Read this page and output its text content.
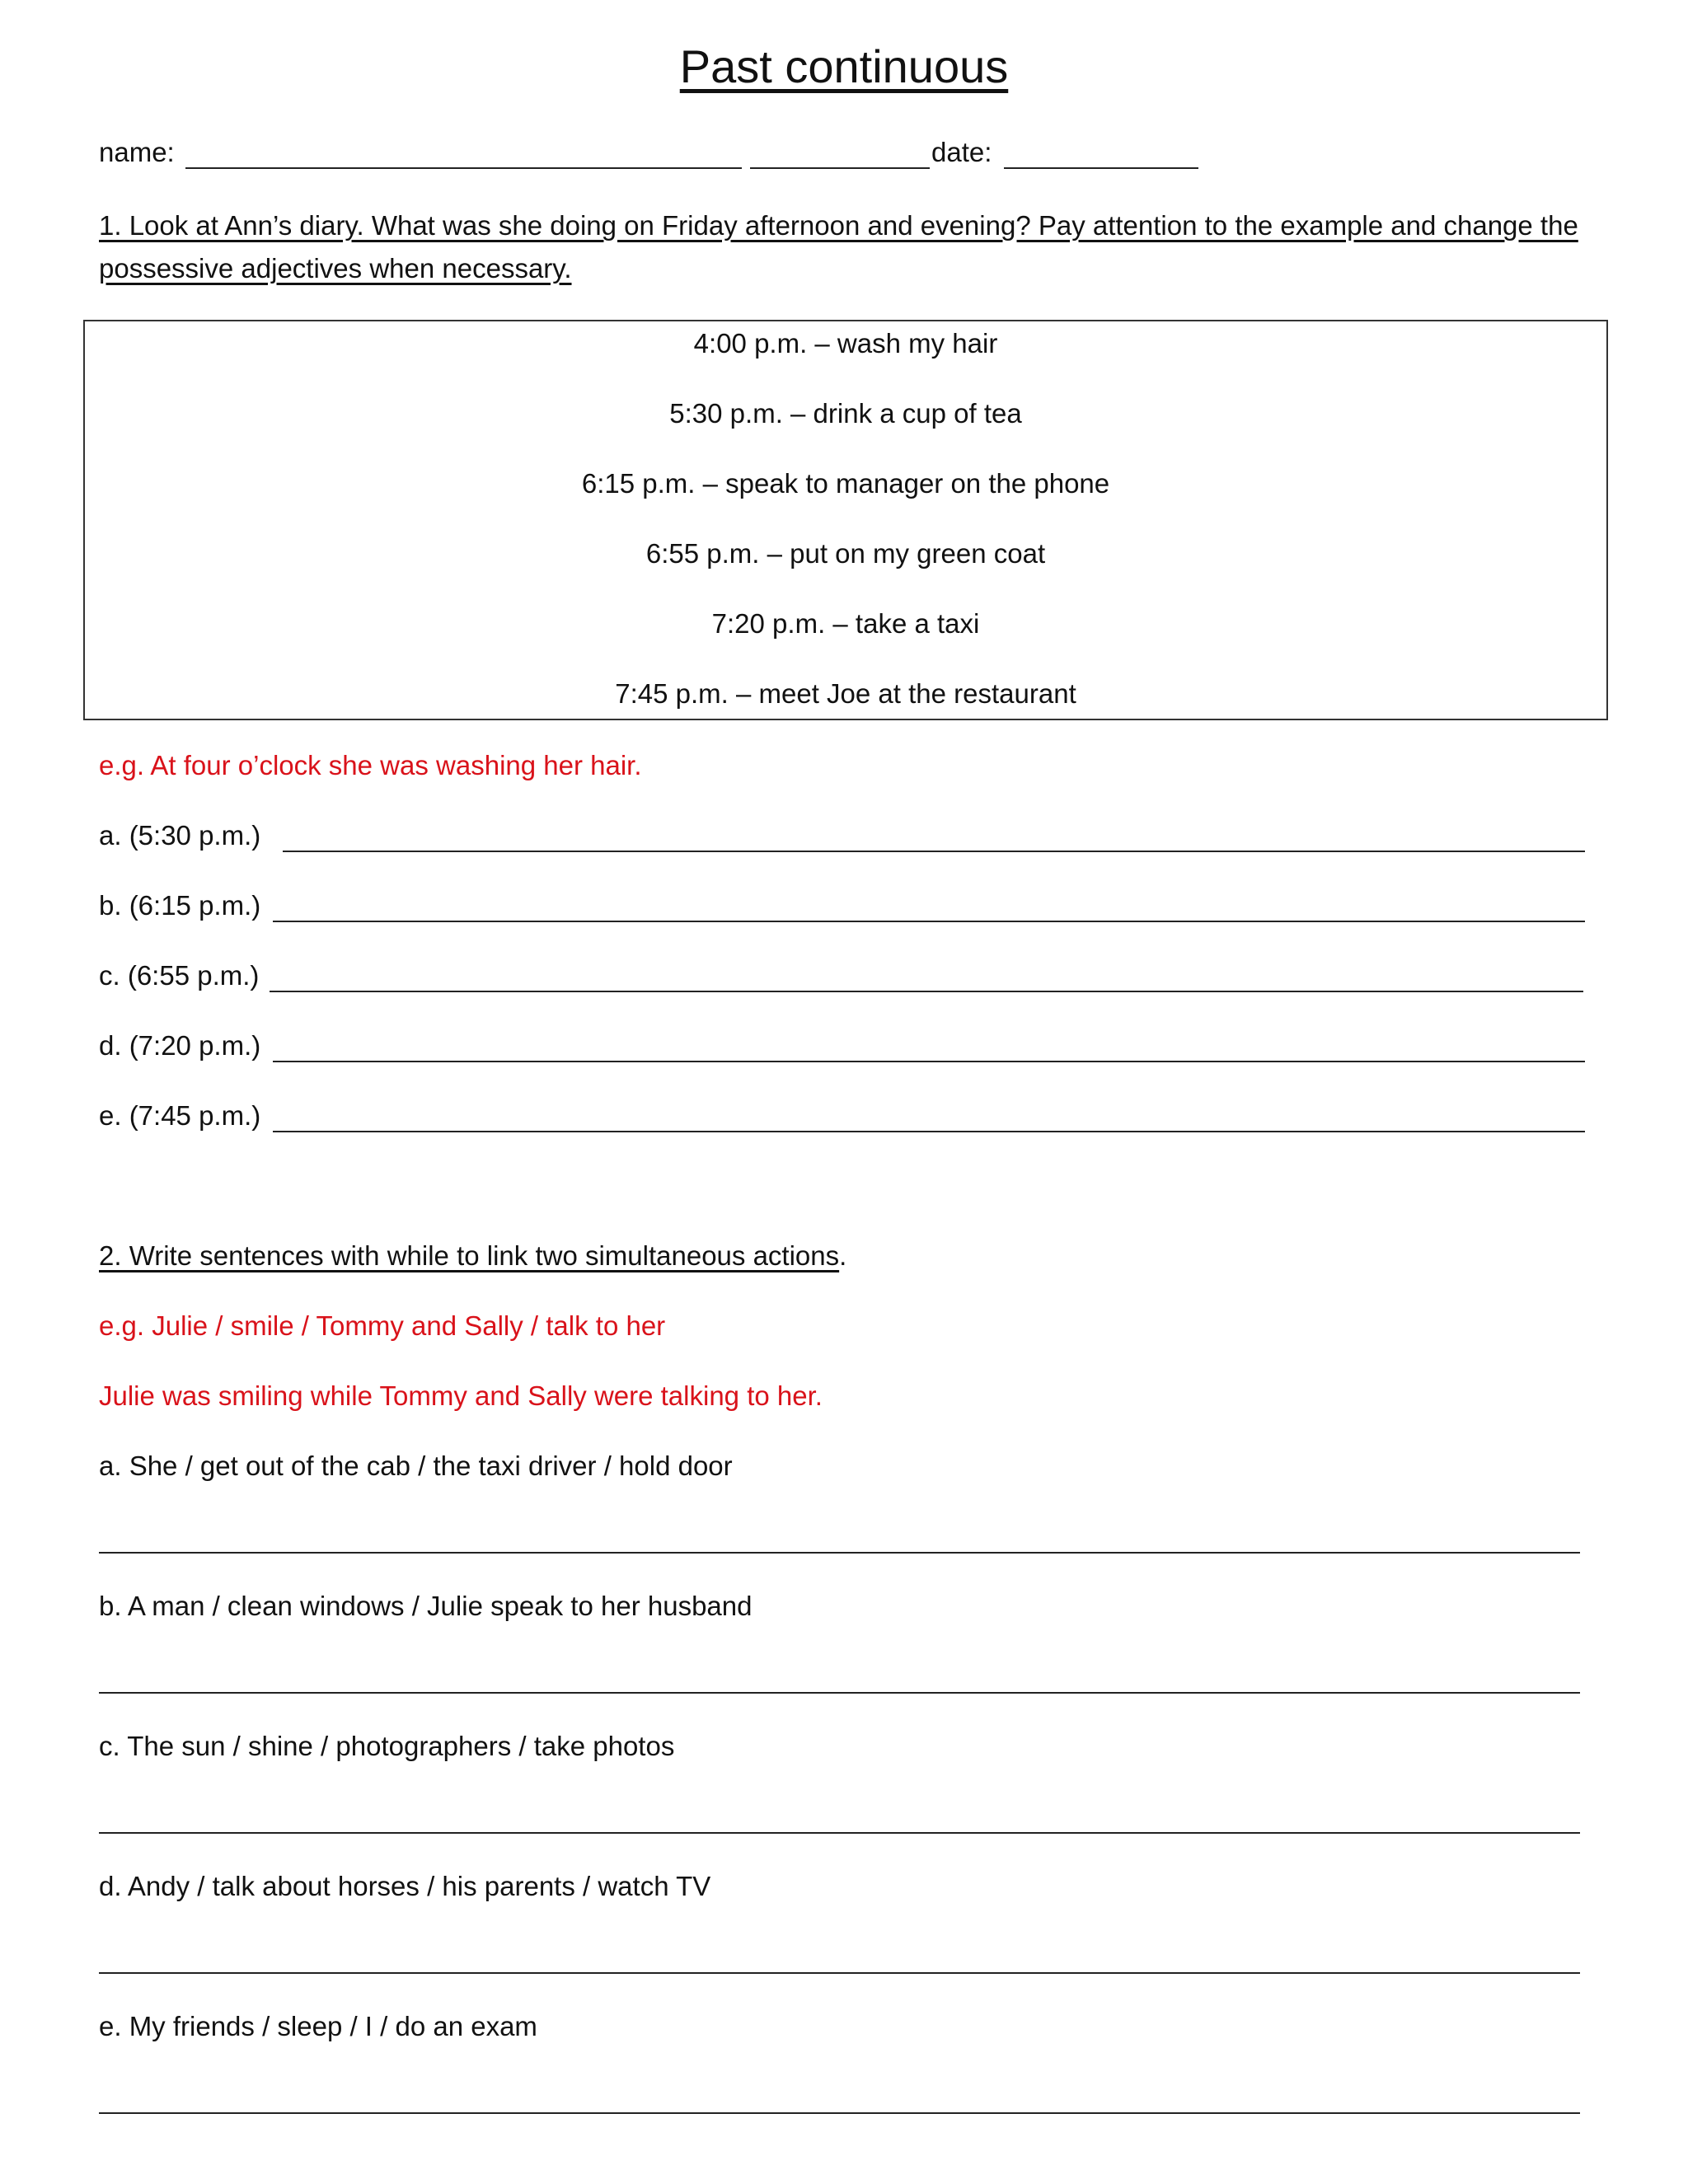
Past continuous
name:	date:
1. Look at Ann’s diary. What was she doing on Friday afternoon and evening? Pay attention to the example and change the possessive adjectives when necessary.
4:00 p.m. – wash my hair
5:30 p.m. – drink a cup of tea
6:15 p.m. – speak to manager on the phone
6:55 p.m. – put on my green coat
7:20 p.m. – take a taxi
7:45 p.m. – meet Joe at the restaurant
e.g. At four o’clock she was washing her hair.
a. (5:30 p.m.)
b. (6:15 p.m.)
c. (6:55 p.m.)
d. (7:20 p.m.)
e. (7:45 p.m.)
2. Write sentences with while to link two simultaneous actions.
e.g. Julie / smile / Tommy and Sally / talk to her
Julie was smiling while Tommy and Sally were talking to her.
a. She / get out of the cab / the taxi driver / hold door
b. A man / clean windows / Julie speak to her husband
c. The sun / shine / photographers / take photos
d. Andy / talk about horses / his parents / watch TV
e. My friends / sleep / I / do an exam
